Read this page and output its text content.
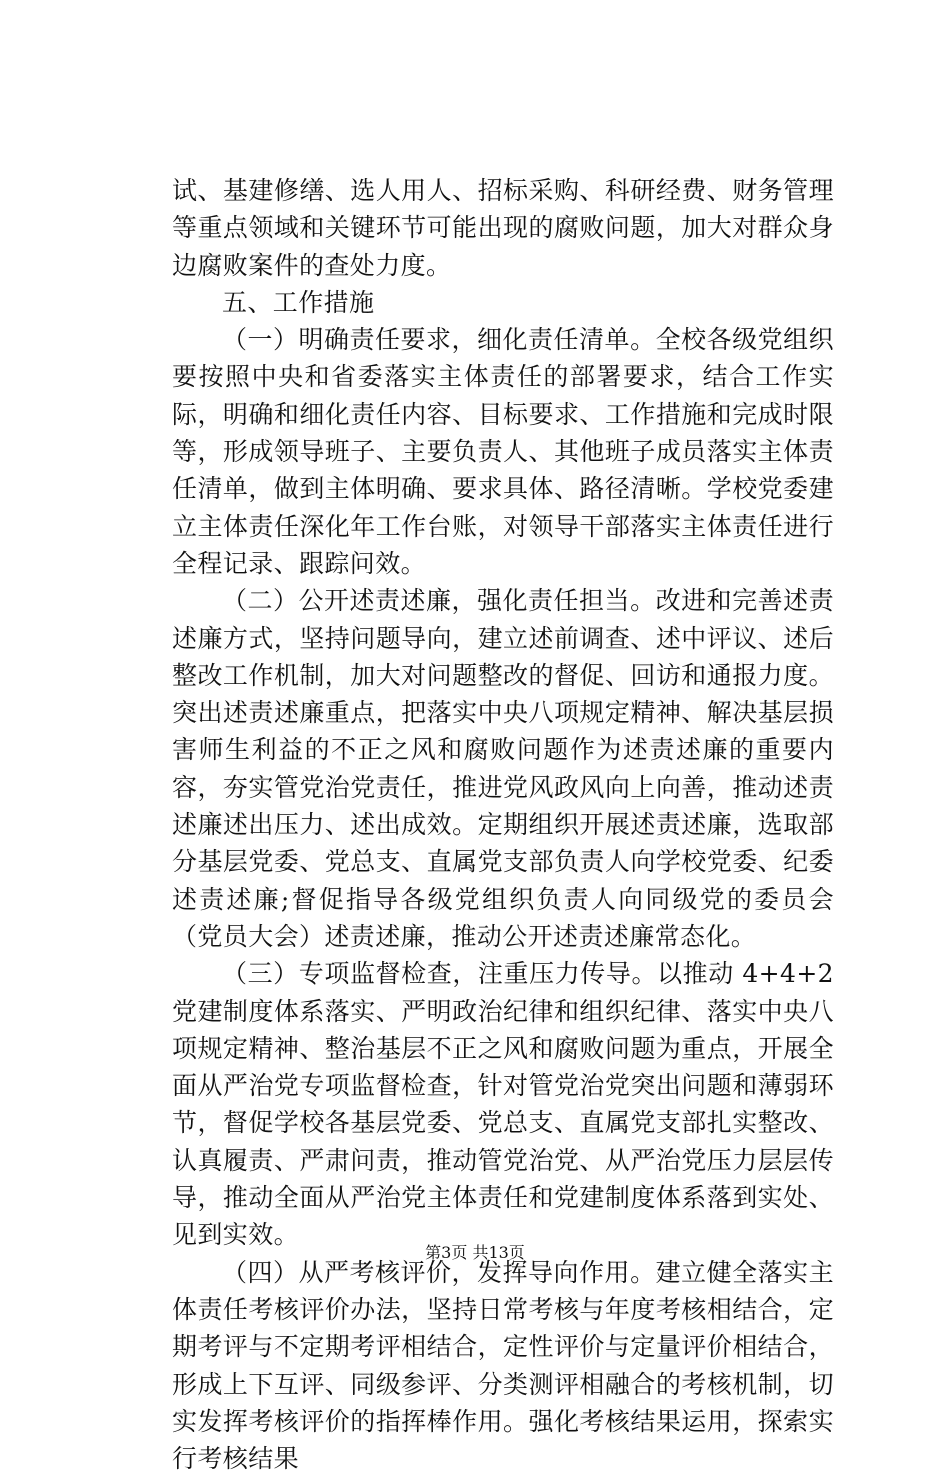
试、基建修缮、选人用人、招标采购、科研经费、财务管理等重点领域和关键环节可能出现的腐败问题，加大对群众身边腐败案件的查处力度。

五、工作措施

（一）明确责任要求，细化责任清单。全校各级党组织要按照中央和省委落实主体责任的部署要求，结合工作实际，明确和细化责任内容、目标要求、工作措施和完成时限等，形成领导班子、主要负责人、其他班子成员落实主体责任清单，做到主体明确、要求具体、路径清晰。学校党委建立主体责任深化年工作台账，对领导干部落实主体责任进行全程记录、跟踪问效。

（二）公开述责述廉，强化责任担当。改进和完善述责述廉方式，坚持问题导向，建立述前调查、述中评议、述后整改工作机制，加大对问题整改的督促、回访和通报力度。突出述责述廉重点，把落实中央八项规定精神、解决基层损害师生利益的不正之风和腐败问题作为述责述廉的重要内容，夯实管党治党责任，推进党风政风向上向善，推动述责述廉述出压力、述出成效。定期组织开展述责述廉，选取部分基层党委、党总支、直属党支部负责人向学校党委、纪委述责述廉;督促指导各级党组织负责人向同级党的委员会（党员大会）述责述廉，推动公开述责述廉常态化。

（三）专项监督检查，注重压力传导。以推动 4+4+2 党建制度体系落实、严明政治纪律和组织纪律、落实中央八项规定精神、整治基层不正之风和腐败问题为重点，开展全面从严治党专项监督检查，针对管党治党突出问题和薄弱环节，督促学校各基层党委、党总支、直属党支部扎实整改、认真履责、严肃问责，推动管党治党、从严治党压力层层传导，推动全面从严治党主体责任和党建制度体系落到实处、见到实效。

（四）从严考核评价，发挥导向作用。建立健全落实主体责任考核评价办法，坚持日常考核与年度考核相结合，定期考评与不定期考评相结合，定性评价与定量评价相结合，形成上下互评、同级参评、分类测评相融合的考核机制，切实发挥考核评价的指挥棒作用。强化考核结果运用，探索实行考核结果

第3页 共13页
